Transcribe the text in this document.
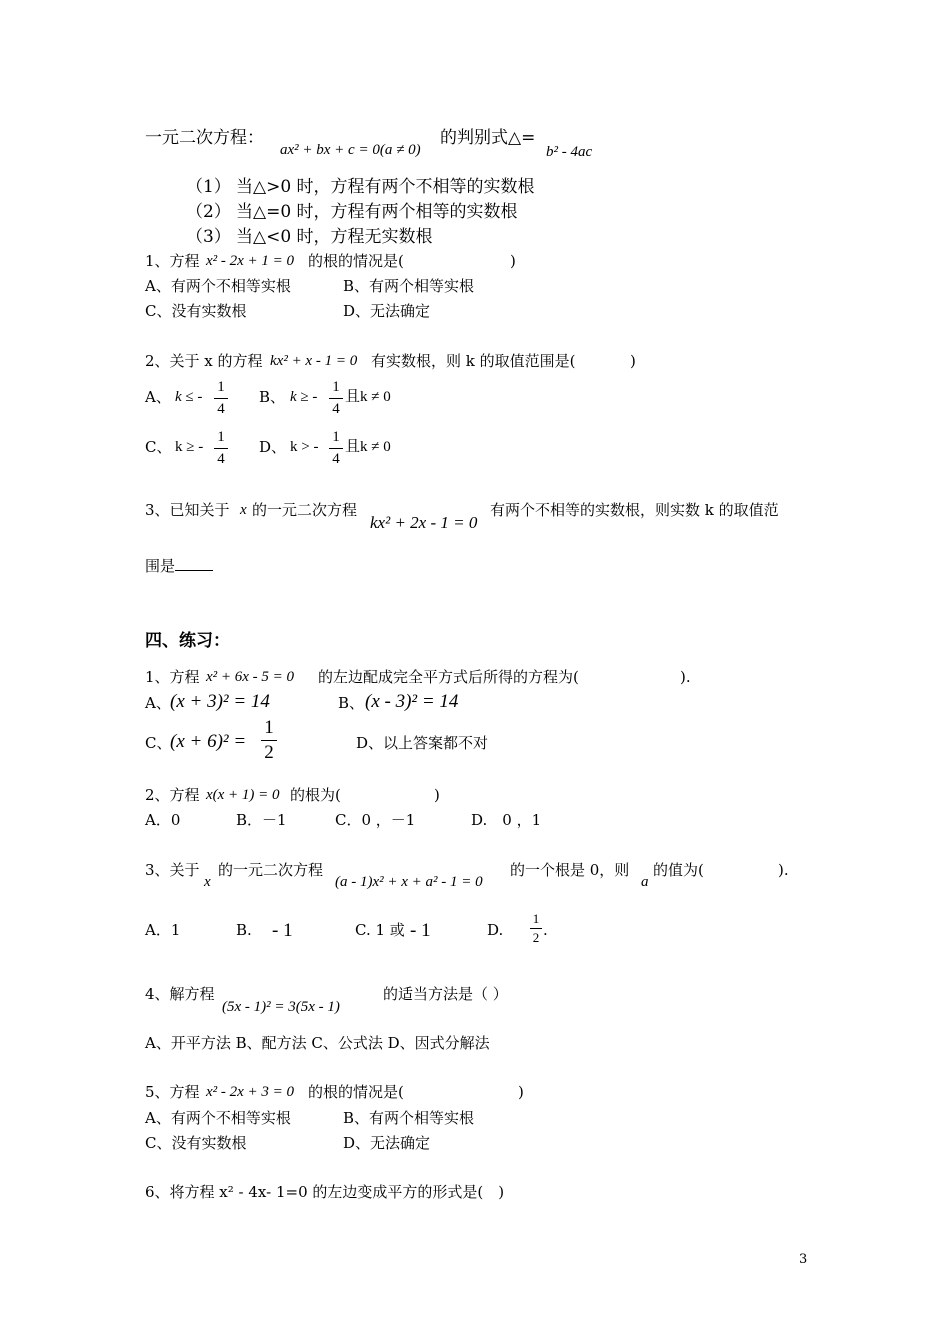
一元二次方程：
ax² + bx + c = 0(a ≠ 0)
的判别式△=
b² - 4ac
（1） 当△>0 时，方程有两个不相等的实数根
（2） 当△=0 时，方程有两个相等的实数根
（3） 当△<0 时，方程无实数根
1、方程 x² - 2x + 1 = 0 的根的情况是(	)
A、有两个不相等实根	B、有两个相等实根
C、没有实数根	D、无法确定
2、关于 x 的方程 kx² + x - 1 = 0 有实数根，则 k 的取值范围是(	)
A、 k ≤ -
1
4
B、 k ≥ -
1
4
且k ≠ 0
C、 k ≥ -
1
4
D、 k > -
1
4
且k ≠ 0
3、已知关于 x 的一元二次方程
kx² + 2x - 1 = 0
有两个不相等的实数根，则实数 k 的取值范
围是
四、练习：
1、方程 x² + 6x - 5 = 0 的左边配成完全平方式后所得的方程为(	).
A、 (x + 3)² = 14	B、 (x - 3)² = 14
C、
(x + 6)² =
1
2	D、以上答案都不对
2、方程 x(x + 1) = 0 的根为(	)
A．0	B．－1	C．0 ，－1	D.　0 ，1
3、关于
x
的一元二次方程
(a - 1)x² + x + a² - 1 = 0
的一个根是 0，则
a
的值为(	).
A．1	B. - 1	C. 1 或 - 1	D.
1
2 .
4、解方程
(5x - 1)² = 3(5x - 1)
的适当方法是（ ）
A、开平方法 B、配方法 C、公式法 D、因式分解法
5、方程 x² - 2x + 3 = 0 的根的情况是(	)
A、有两个不相等实根	B、有两个相等实根
C、没有实数根	D、无法确定
6、将方程 x² - 4x- 1=0 的左边变成平方的形式是(　)
3
